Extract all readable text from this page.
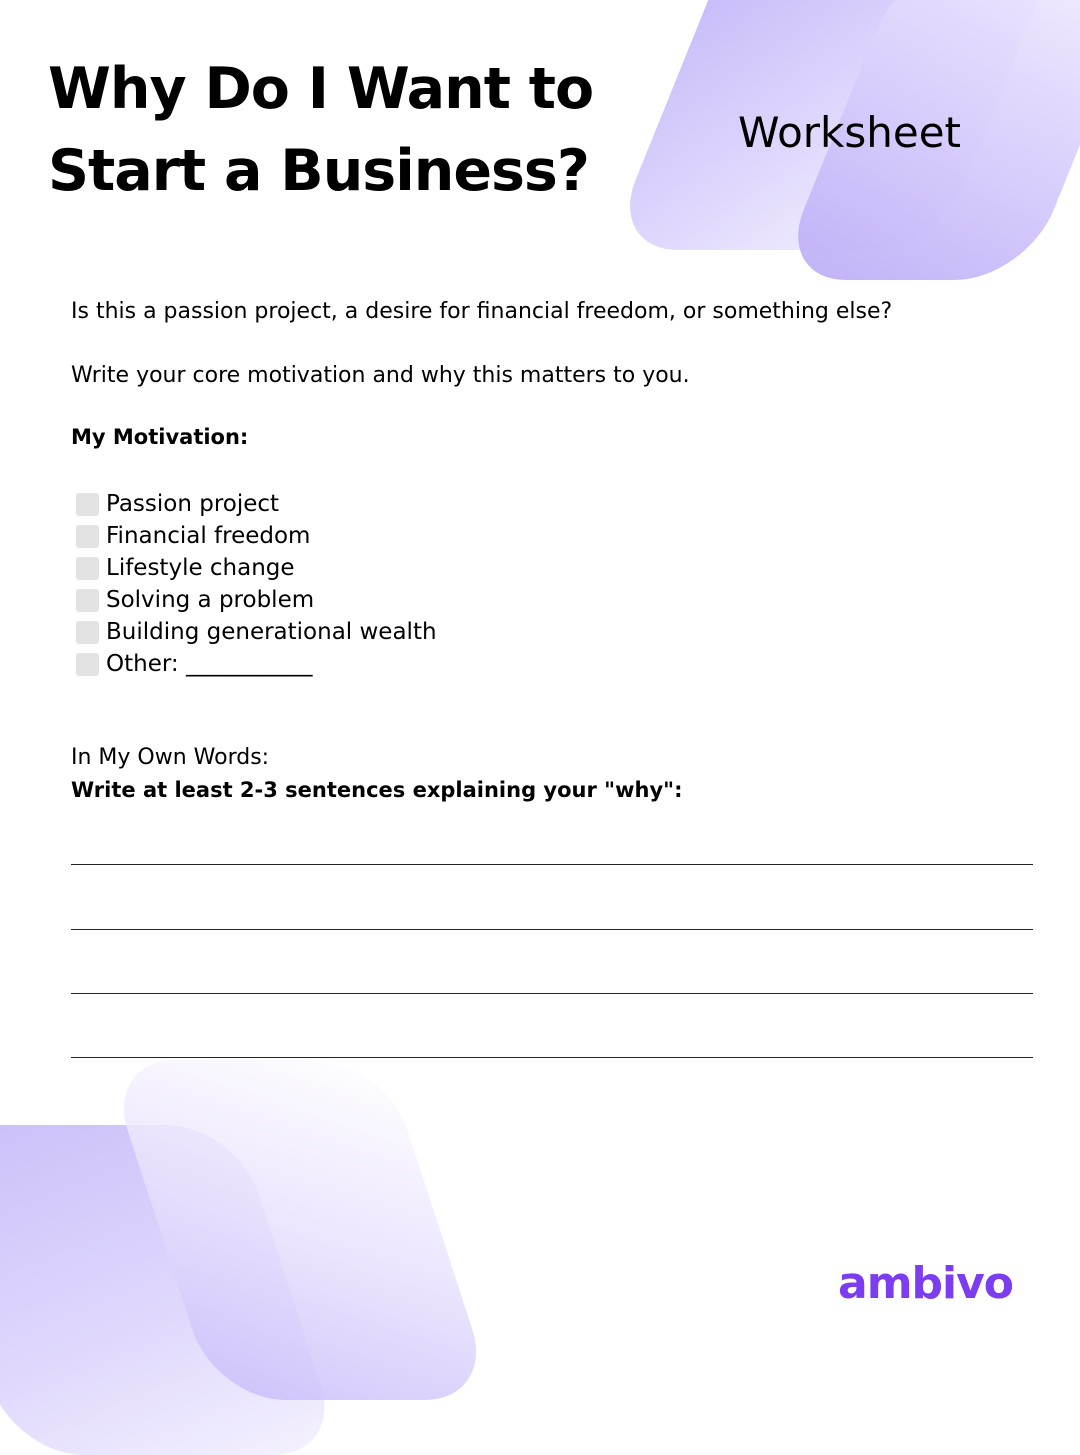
Why Do I Want to Start a Business?
Worksheet

Is this a passion project, a desire for financial freedom, or something else?

Write your core motivation and why this matters to you.

My Motivation:

Passion project
Financial freedom
Lifestyle change
Solving a problem
Building generational wealth
Other: ___________

In My Own Words:

Write at least 2-3 sentences explaining your "why":

ambivo
